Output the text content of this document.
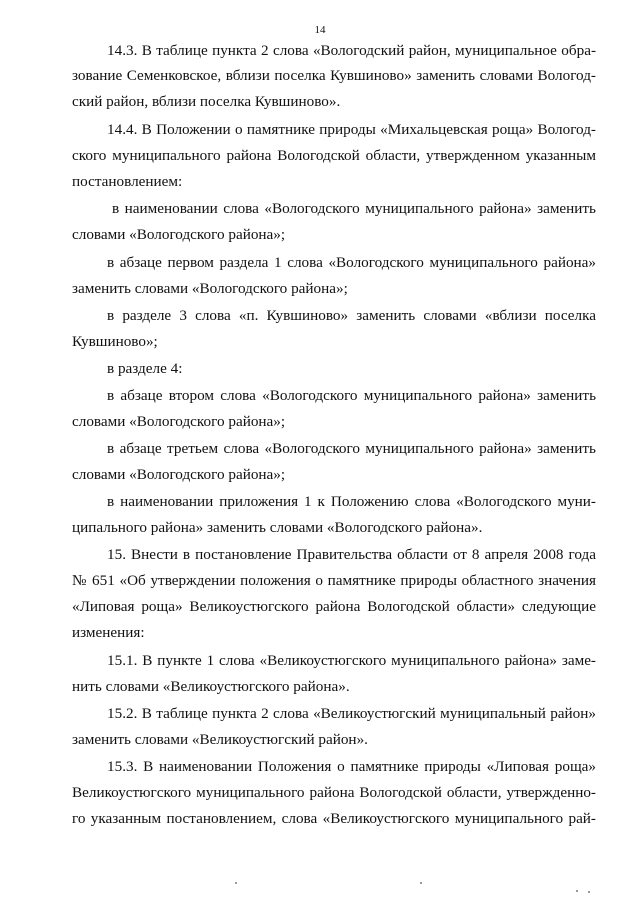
14
14.3. В таблице пункта 2 слова «Вологодский район, муниципальное обра-
зование Семенковское, вблизи поселка Кувшиново» заменить словами Вологод-
ский район, вблизи поселка Кувшиново».
14.4. В Положении о памятнике природы «Михальцевская роща» Вологод-
ского муниципального района Вологодской области, утвержденном указанным
постановлением:
в наименовании слова «Вологодского муниципального района» заменить
словами «Вологодского района»;
в абзаце первом раздела 1 слова «Вологодского муниципального района»
заменить словами «Вологодского района»;
в разделе 3 слова «п. Кувшиново» заменить словами «вблизи поселка
Кувшиново»;
в разделе 4:
в абзаце втором слова «Вологодского муниципального района» заменить
словами «Вологодского района»;
в абзаце третьем слова «Вологодского муниципального района» заменить
словами «Вологодского района»;
в наименовании приложения 1 к Положению слова «Вологодского муни-
ципального района» заменить словами «Вологодского района».
15. Внести в постановление Правительства области от 8 апреля 2008 года
№ 651 «Об утверждении положения о памятнике природы областного значения
«Липовая роща» Великоустюгского района Вологодской области» следующие
изменения:
15.1. В пункте 1 слова «Великоустюгского муниципального района» заме-
нить словами «Великоустюгского района».
15.2. В таблице пункта 2 слова «Великоустюгский муниципальный район»
заменить словами «Великоустюгский район».
15.3. В наименовании Положения о памятнике природы «Липовая роща»
Великоустюгского муниципального района Вологодской области, утвержденно-
го указанным постановлением, слова «Великоустюгского муниципального рай-
